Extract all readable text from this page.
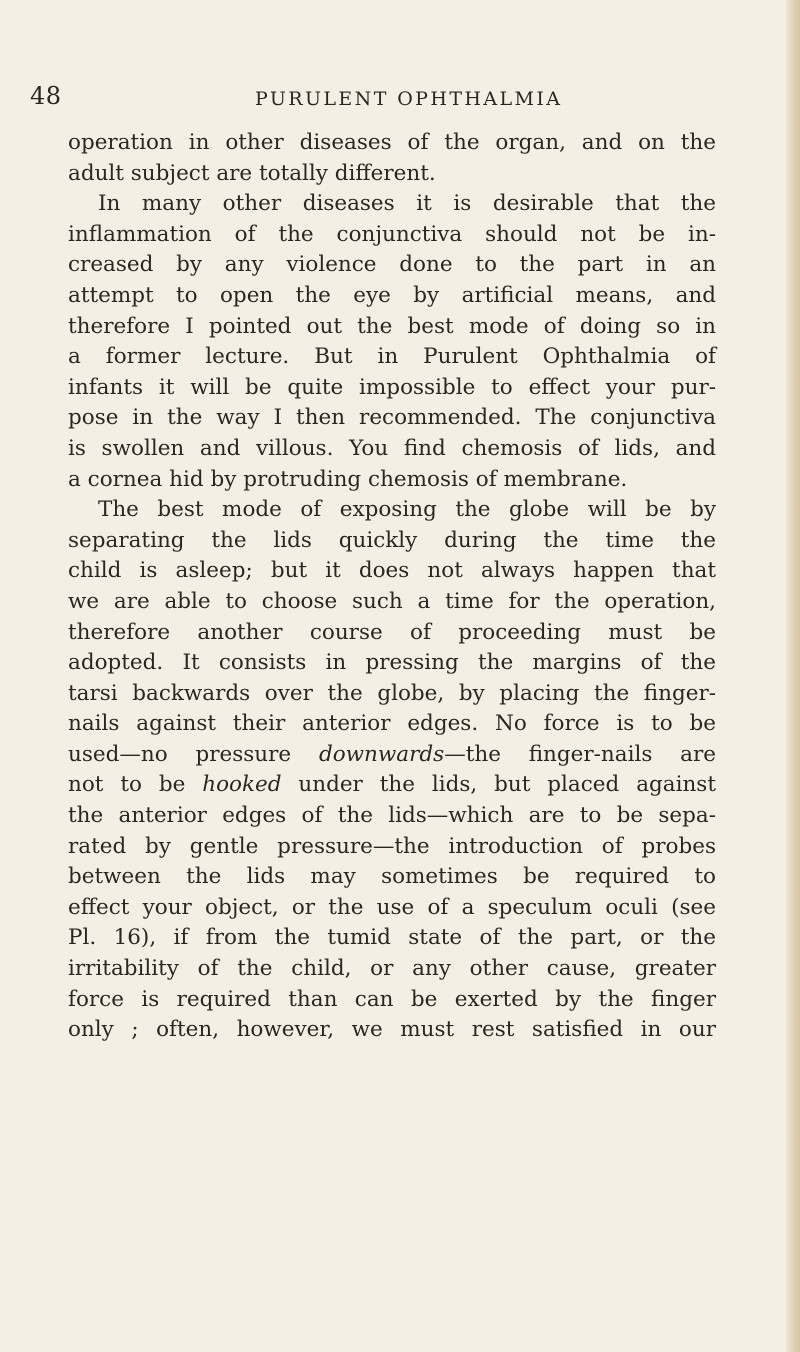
48	PURULENT OPHTHALMIA
operation in other diseases of the organ, and on the
adult subject are totally different.
In many other diseases it is desirable that the
inflammation of the conjunctiva should not be in-
creased by any violence done to the part in an
attempt to open the eye by artificial means, and
therefore I pointed out the best mode of doing so in
a former lecture. But in Purulent Ophthalmia of
infants it will be quite impossible to effect your pur-
pose in the way I then recommended. The conjunctiva
is swollen and villous. You find chemosis of lids, and
a cornea hid by protruding chemosis of membrane.
The best mode of exposing the globe will be by
separating the lids quickly during the time the
child is asleep; but it does not always happen that
we are able to choose such a time for the operation,
therefore another course of proceeding must be
adopted. It consists in pressing the margins of the
tarsi backwards over the globe, by placing the finger-
nails against their anterior edges. No force is to be
used—no pressure downwards—the finger-nails are
not to be hooked under the lids, but placed against
the anterior edges of the lids—which are to be sepa-
rated by gentle pressure—the introduction of probes
between the lids may sometimes be required to
effect your object, or the use of a speculum oculi (see
Pl. 16), if from the tumid state of the part, or the
irritability of the child, or any other cause, greater
force is required than can be exerted by the finger
only ; often, however, we must rest satisfied in our
